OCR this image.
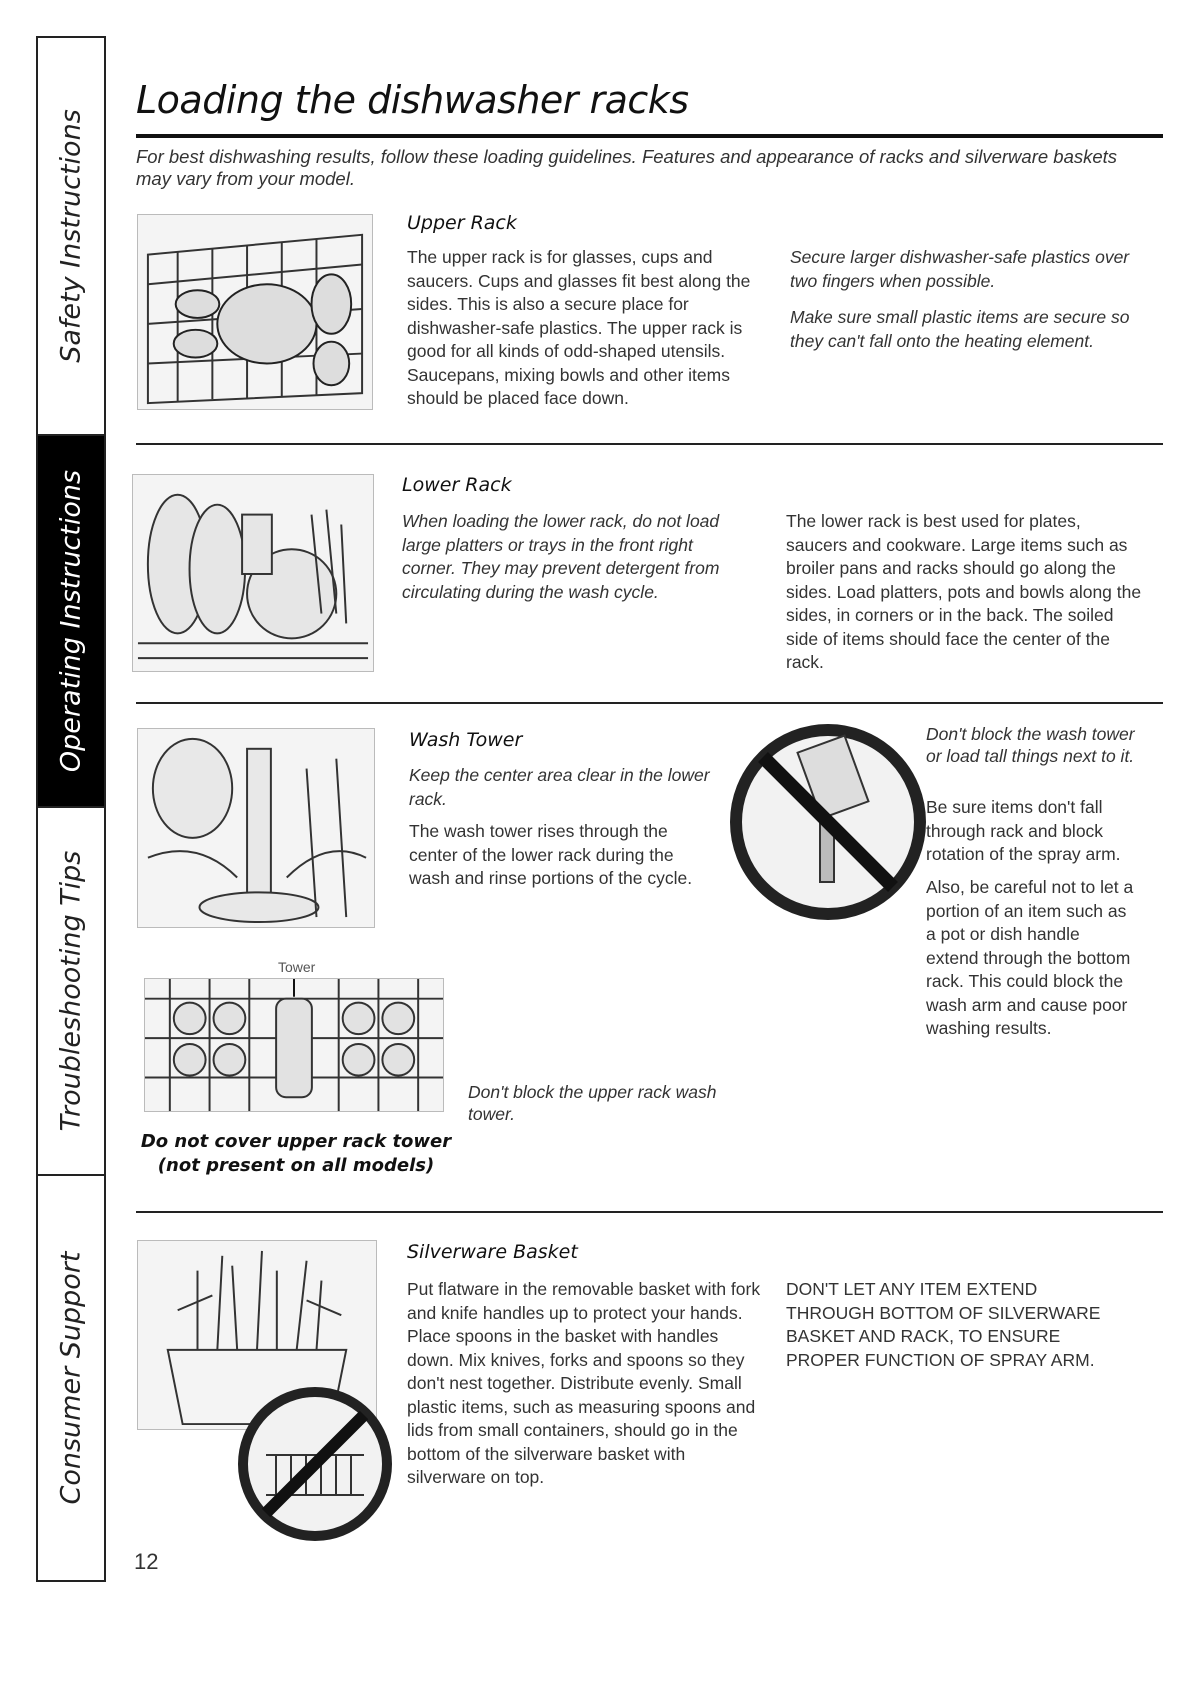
Safety Instructions
Operating Instructions
Troubleshooting Tips
Consumer Support
Loading the dishwasher racks

For best dishwashing results, follow these loading guidelines. Features and appearance of racks and silverware baskets may vary from your model.

Upper Rack

The upper rack is for glasses, cups and saucers. Cups and glasses fit best along the sides. This is also a secure place for dishwasher-safe plastics. The upper rack is good for all kinds of odd-shaped utensils. Saucepans, mixing bowls and other items should be placed face down.

Secure larger dishwasher-safe plastics over two fingers when possible.

Make sure small plastic items are secure so they can't fall onto the heating element.

Lower Rack

When loading the lower rack, do not load large platters or trays in the front right corner. They may prevent detergent from circulating during the wash cycle.

The lower rack is best used for plates, saucers and cookware. Large items such as broiler pans and racks should go along the sides. Load platters, pots and bowls along the sides, in corners or in the back. The soiled side of items should face the center of the rack.

Wash Tower

Keep the center area clear in the lower rack.

The wash tower rises through the center of the lower rack during the wash and rinse portions of the cycle.

Don't block the wash tower or load tall things next to it.

Be sure items don't fall through rack and block rotation of the spray arm.

Also, be careful not to let a portion of an item such as a pot or dish handle extend through the bottom rack. This could block the wash arm and cause poor washing results.

Tower

Don't block the upper rack wash tower.

Do not cover upper rack tower
(not present on all models)

Silverware Basket

Put flatware in the removable basket with fork and knife handles up to protect your hands. Place spoons in the basket with handles down. Mix knives, forks and spoons so they don't nest together. Distribute evenly. Small plastic items, such as measuring spoons and lids from small containers, should go in the bottom of the silverware basket with silverware on top.

DON'T LET ANY ITEM EXTEND THROUGH BOTTOM OF SILVERWARE BASKET AND RACK, TO ENSURE PROPER FUNCTION OF SPRAY ARM.

12
